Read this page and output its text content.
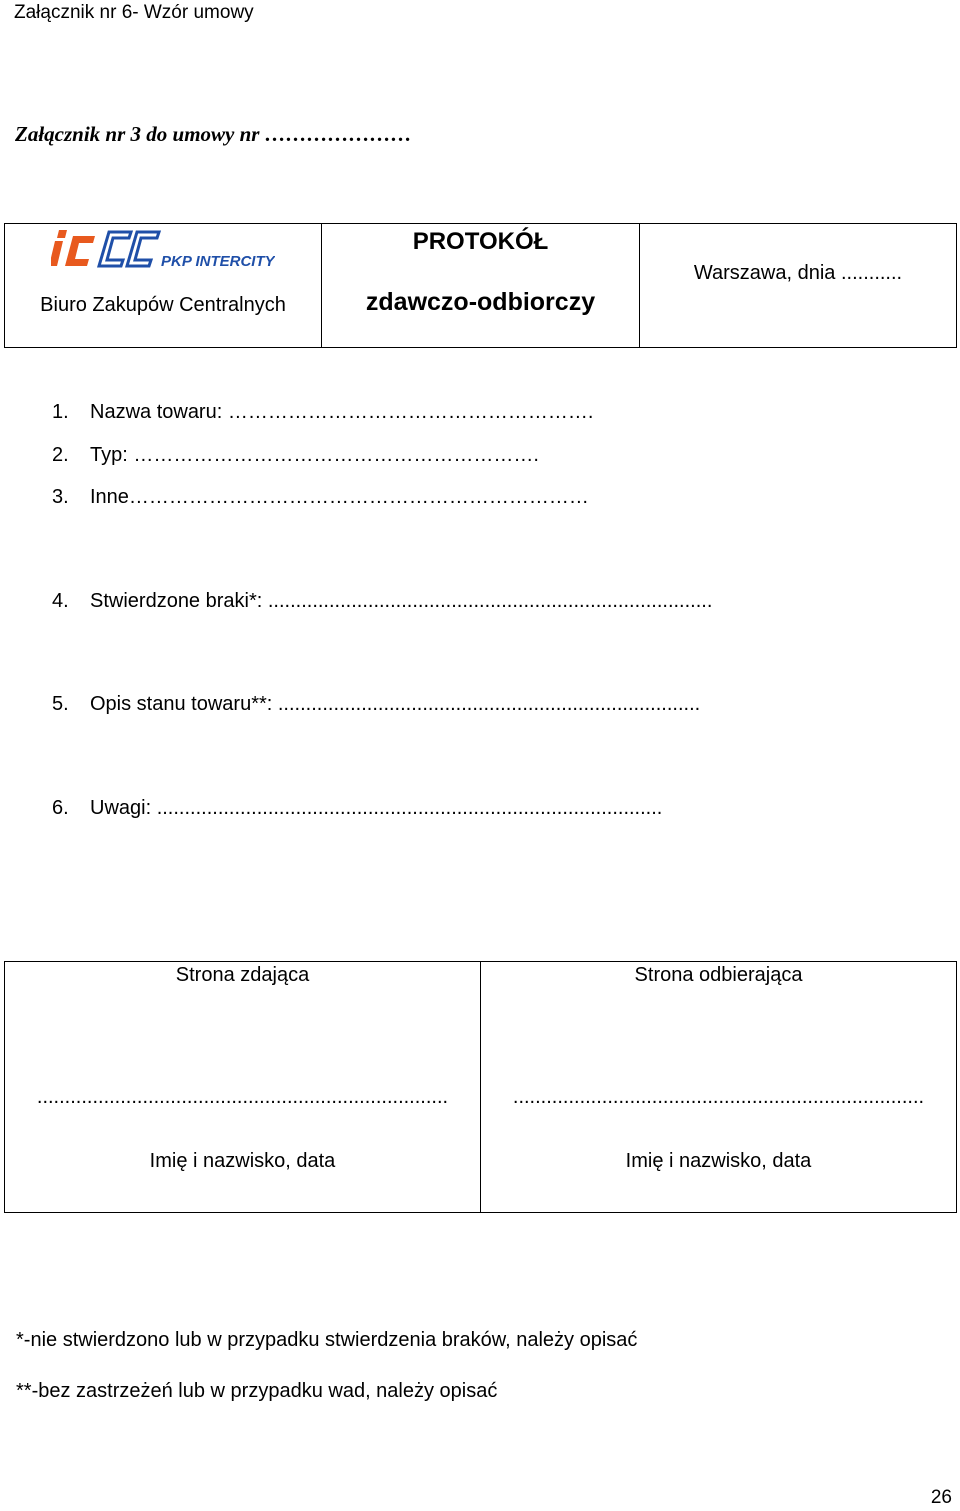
Załącznik nr 6- Wzór umowy
Załącznik nr 3 do umowy nr …………………
PKP INTERCITY
Biuro Zakupów Centralnych
PROTOKÓŁ
zdawczo-odbiorczy
Warszawa, dnia ...........
1. Nazwa towaru: ……………………………………………….
2. Typ: …………………………………………………….
3. Inne……………………………………………………………
4. Stwierdzone braki*: ................................................................................
5. Opis stanu towaru**: ............................................................................
6. Uwagi: ...........................................................................................
Strona zdająca
..........................................................................
Imię i nazwisko, data
Strona odbierająca
..........................................................................
Imię i nazwisko, data
*-nie stwierdzono lub w przypadku stwierdzenia braków, należy opisać
**-bez zastrzeżeń lub w przypadku wad, należy opisać
26
